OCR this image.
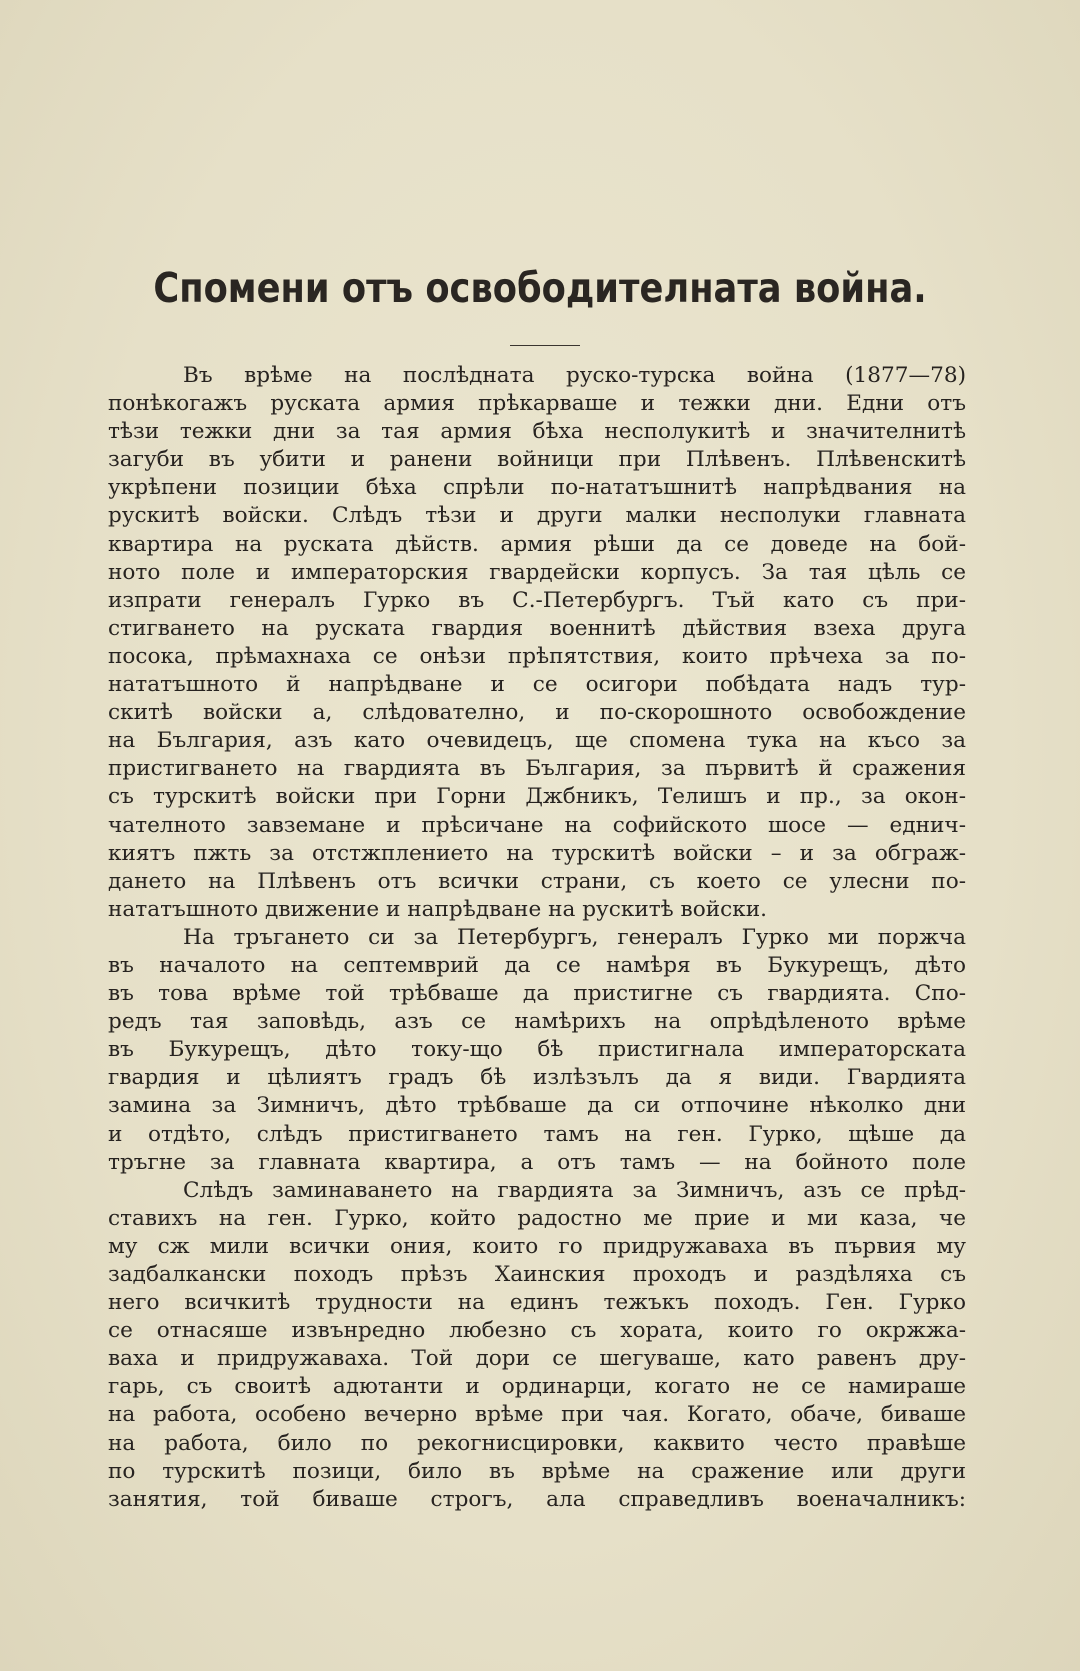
Спомени отъ освободителната война.
Въ врѣме на послѣдната руско-турска война (1877—78)
понѣкогажъ руската армия прѣкарваше и тежки дни. Едни отъ
тѣзи тежки дни за тая армия бѣха несполукитѣ и значителнитѣ
загуби въ убити и ранени войници при Плѣвенъ. Плѣвенскитѣ
укрѣпени позиции бѣха спрѣли по-нататъшнитѣ напрѣдвания на
рускитѣ войски. Слѣдъ тѣзи и други малки несполуки главната
квартира на руската дѣйств. армия рѣши да се доведе на бой-
ното поле и императорския гвардейски корпусъ. За тая цѣль се
изпрати генералъ Гурко въ С.-Петербургъ. Тъй като съ при-
стигването на руската гвардия военнитѣ дѣйствия взеха друга
посока, прѣмахнаха се онѣзи прѣпятствия, които прѣчеха за по-
нататъшното й напрѣдване и се осигори побѣдата надъ тур-
скитѣ войски а, слѣдователно, и по-скорошното освобождение
на България, азъ като очевидецъ, ще спомена тука на късо за
пристигването на гвардията въ България, за първитѣ й сражения
съ турскитѣ войски при Горни Джбникъ, Телишъ и пр., за окон-
чателното завземане и прѣсичане на софийското шосе — еднич-
киятъ пжть за отстжплението на турскитѣ войски – и за обграж-
дането на Плѣвенъ отъ всички страни, съ което се улесни по-
нататъшното движение и напрѣдване на рускитѣ войски.
На тръгането си за Петербургъ, генералъ Гурко ми поржча
въ началото на септемврий да се намѣря въ Букурещъ, дѣто
въ това врѣме той трѣбваше да пристигне съ гвардията. Спо-
редъ тая заповѣдь, азъ се намѣрихъ на опрѣдѣленото врѣме
въ Букурещъ, дѣто току-що бѣ пристигнала императорската
гвардия и цѣлиятъ градъ бѣ излѣзълъ да я види. Гвардията
замина за Зимничъ, дѣто трѣбваше да си отпочине нѣколко дни
и отдѣто, слѣдъ пристигването тамъ на ген. Гурко, щѣше да
тръгне за главната квартира, а отъ тамъ — на бойното поле
Слѣдъ заминаването на гвардията за Зимничъ, азъ се прѣд-
ставихъ на ген. Гурко, който радостно ме прие и ми каза, че
му сж мили всички ония, които го придружаваха въ първия му
задбалкански походъ прѣзъ Хаинския проходъ и раздѣляха съ
него всичкитѣ трудности на единъ тежъкъ походъ. Ген. Гурко
се отнасяше извънредно любезно съ хората, които го окржжа-
ваха и придружаваха. Той дори се шегуваше, като равенъ дру-
гарь, съ своитѣ адютанти и ординарци, когато не се намираше
на работа, особено вечерно врѣме при чая. Когато, обаче, биваше
на работа, било по рекогнисцировки, каквито често правѣше
по турскитѣ позици, било въ врѣме на сражение или други
занятия, той биваше строгъ, ала справедливъ военачалникъ:
